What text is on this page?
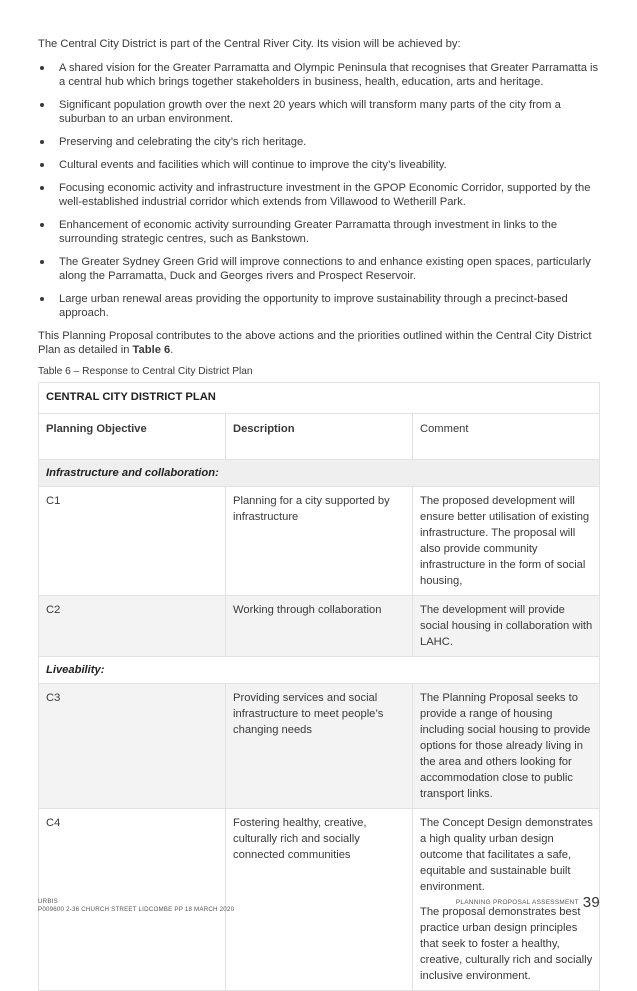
The Central City District is part of the Central River City. Its vision will be achieved by:

A shared vision for the Greater Parramatta and Olympic Peninsula that recognises that Greater Parramatta is a central hub which brings together stakeholders in business, health, education, arts and heritage.
Significant population growth over the next 20 years which will transform many parts of the city from a suburban to an urban environment.
Preserving and celebrating the city’s rich heritage.
Cultural events and facilities which will continue to improve the city’s liveability.
Focusing economic activity and infrastructure investment in the GPOP Economic Corridor, supported by the well-established industrial corridor which extends from Villawood to Wetherill Park.
Enhancement of economic activity surrounding Greater Parramatta through investment in links to the surrounding strategic centres, such as Bankstown.
The Greater Sydney Green Grid will improve connections to and enhance existing open spaces, particularly along the Parramatta, Duck and Georges rivers and Prospect Reservoir.
Large urban renewal areas providing the opportunity to improve sustainability through a precinct-based approach.

This Planning Proposal contributes to the above actions and the priorities outlined within the Central City District Plan as detailed in Table 6.

Table 6 – Response to Central City District Plan
CENTRAL CITY DISTRICT PLAN		
Planning Objective	Description	Comment
Infrastructure and collaboration:		
C1	Planning for a city supported by infrastructure	The proposed development will ensure better utilisation of existing infrastructure. The proposal will also provide community infrastructure in the form of social housing,

C2	Working through collaboration	The development will provide social housing in collaboration with LAHC.

Liveability:		
C3	Providing services and social infrastructure to meet people’s changing needs	The Planning Proposal seeks to provide a range of housing including social housing to provide options for those already living in the area and others looking for accommodation close to public transport links.

C4	Fostering healthy, creative, culturally rich and socially connected communities	The Concept Design demonstrates a high quality urban design outcome that facilitates a safe, equitable and sustainable built environment.

The proposal demonstrates best practice urban design principles that seek to foster a healthy, creative, culturally rich and socially inclusive environment.

URBIS
P009600 2-36 CHURCH STREET LIDCOMBE PP 18 MARCH 2020
PLANNING PROPOSAL ASSESSMENT 39
